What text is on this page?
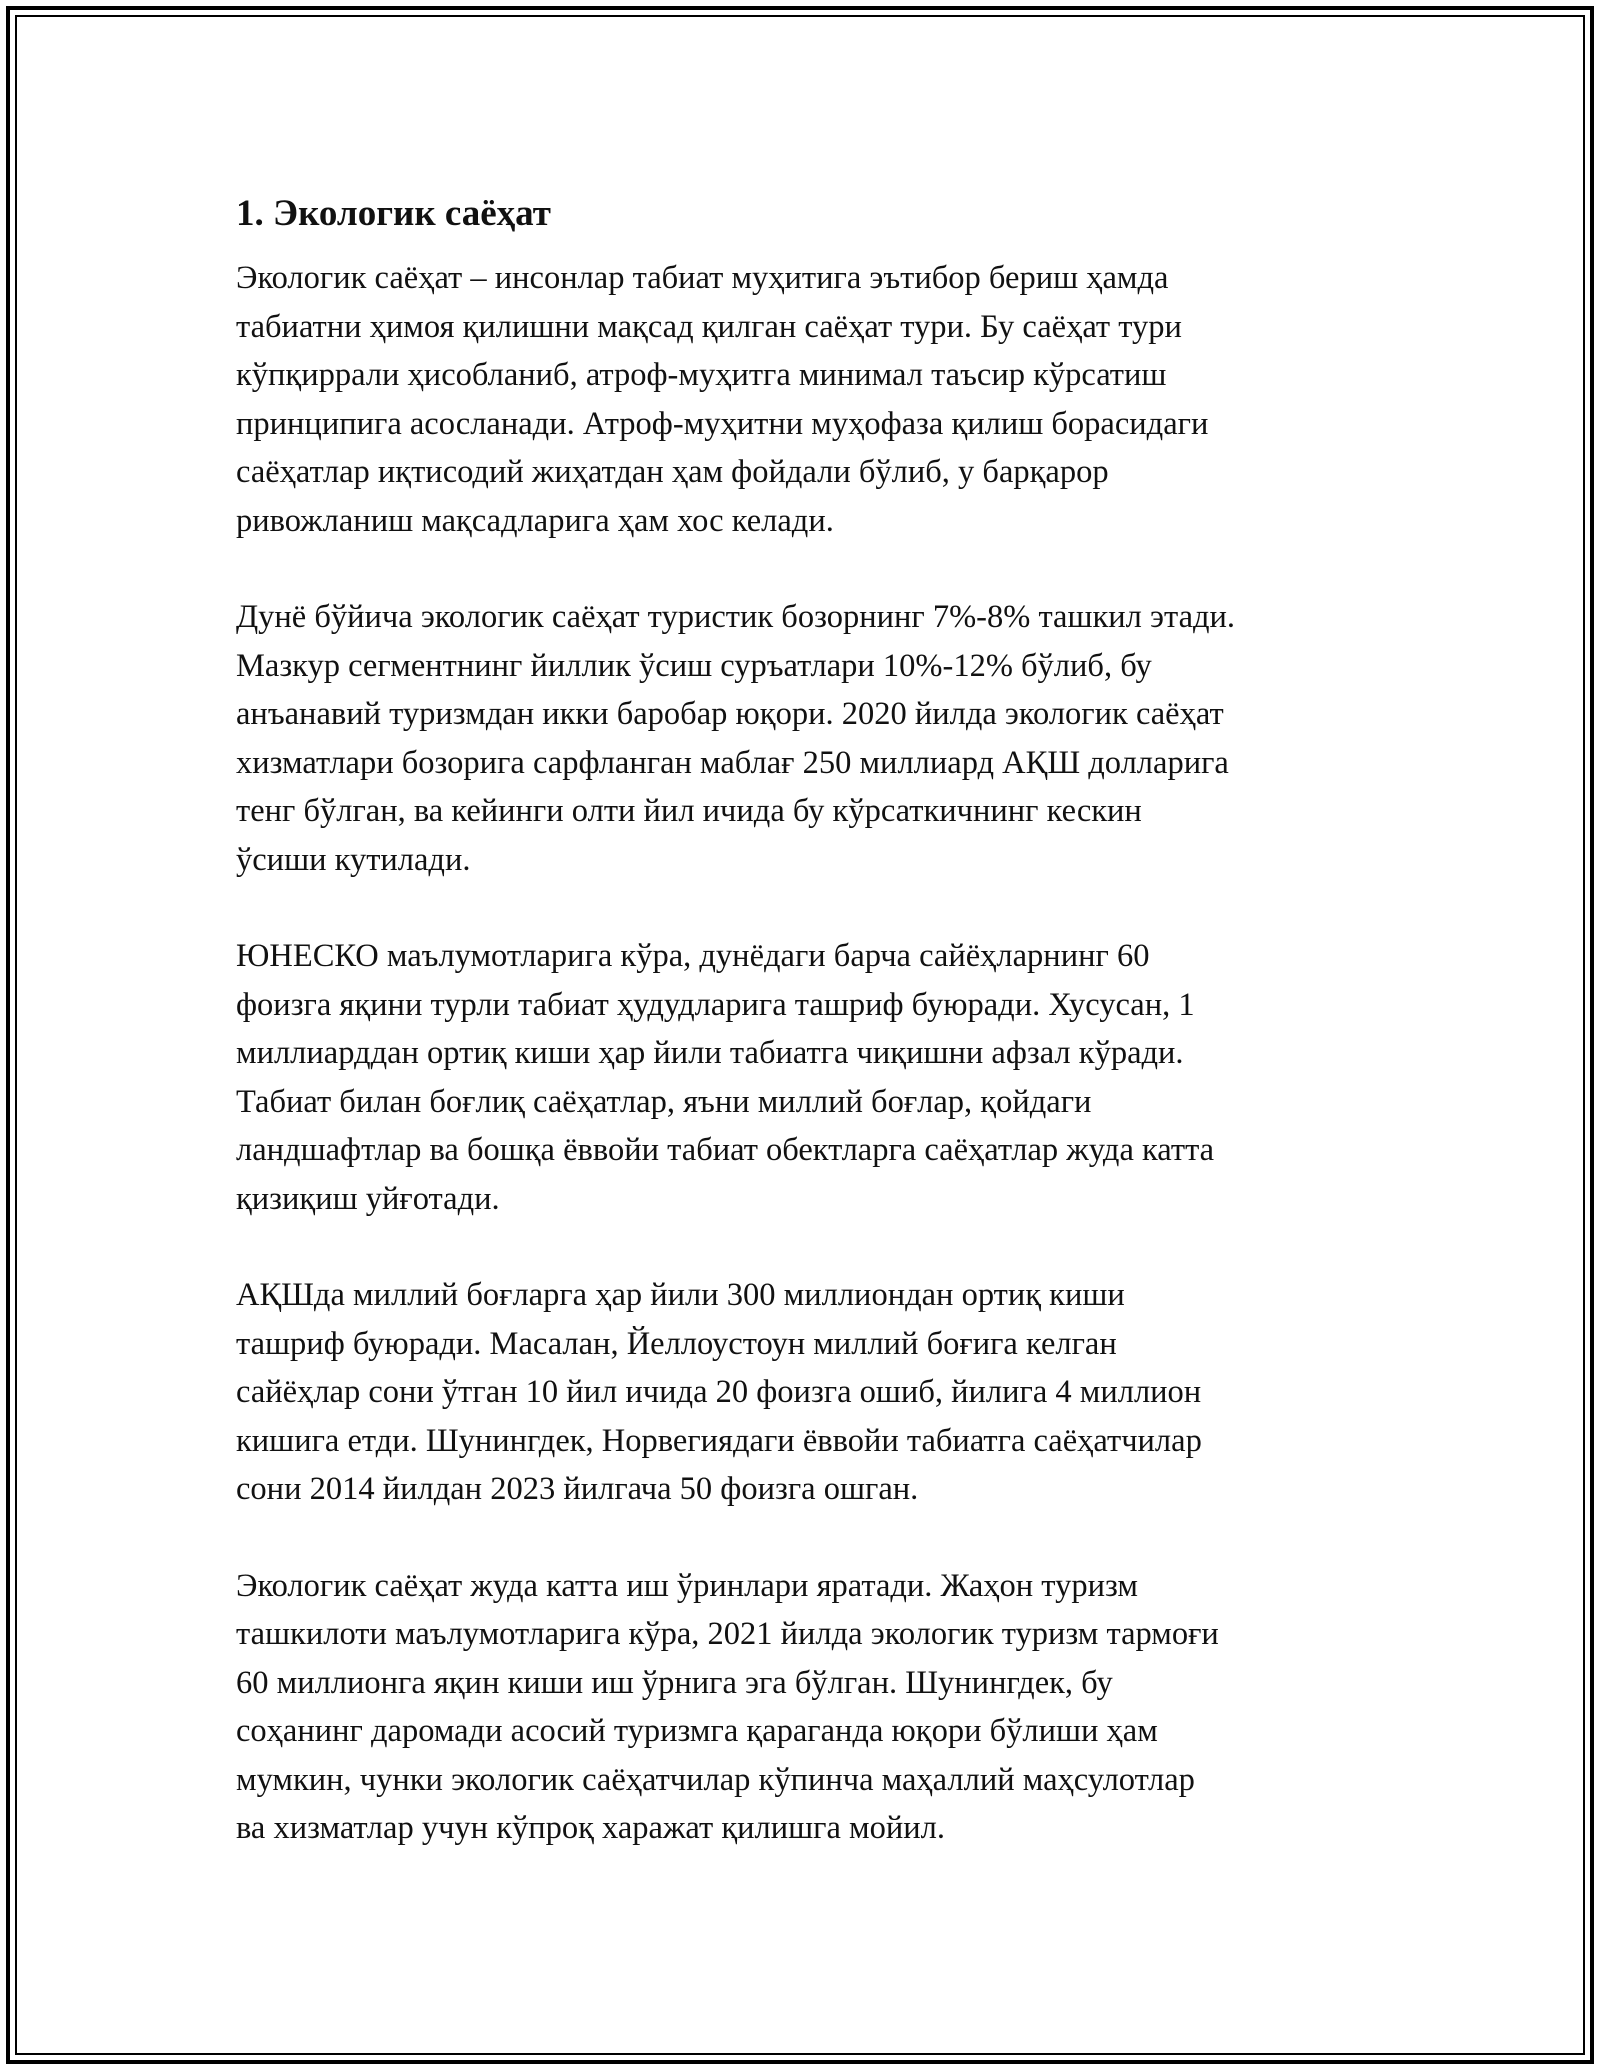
1. Экологик саёҳат

Экологик саёҳат – инсонлар табиат муҳитига эътибор бериш ҳамда
табиатни ҳимоя қилишни мақсад қилган саёҳат тури. Бу саёҳат тури
кўпқиррали ҳисобланиб, атроф-муҳитга минимал таъсир кўрсатиш
принципига асосланади. Атроф-муҳитни муҳофаза қилиш борасидаги
саёҳатлар иқтисодий жиҳатдан ҳам фойдали бўлиб, у барқарор
ривожланиш мақсадларига ҳам хос келади.

Дунё бўйича экологик саёҳат туристик бозорнинг 7%-8% ташкил этади.
Мазкур сегментнинг йиллик ўсиш суръатлари 10%-12% бўлиб, бу
анъанавий туризмдан икки баробар юқори. 2020 йилда экологик саёҳат
хизматлари бозорига сарфланган маблағ 250 миллиард АҚШ долларига
тенг бўлган, ва кейинги олти йил ичида бу кўрсаткичнинг кескин
ўсиши кутилади.

ЮНЕСКО маълумотларига кўра, дунёдаги барча сайёҳларнинг 60
фоизга яқини турли табиат ҳудудларига ташриф буюради. Хусусан, 1
миллиарддан ортиқ киши ҳар йили табиатга чиқишни афзал кўради.
Табиат билан боғлиқ саёҳатлар, яъни миллий боғлар, қойдаги
ландшафтлар ва бошқа ёввойи табиат обектларга саёҳатлар жуда катта
қизиқиш уйғотади.

АҚШда миллий боғларга ҳар йили 300 миллиондан ортиқ киши
ташриф буюради. Масалан, Йеллоустоун миллий боғига келган
сайёҳлар сони ўтган 10 йил ичида 20 фоизга ошиб, йилига 4 миллион
кишига етди. Шунингдек, Норвегиядаги ёввойи табиатга саёҳатчилар
сони 2014 йилдан 2023 йилгача 50 фоизга ошган.

Экологик саёҳат жуда катта иш ўринлари яратади. Жаҳон туризм
ташкилоти маълумотларига кўра, 2021 йилда экологик туризм тармоғи
60 миллионга яқин киши иш ўрнига эга бўлган. Шунингдек, бу
соҳанинг даромади асосий туризмга қараганда юқори бўлиши ҳам
мумкин, чунки экологик саёҳатчилар кўпинча маҳаллий маҳсулотлар
ва хизматлар учун кўпроқ харажат қилишга мойил.
